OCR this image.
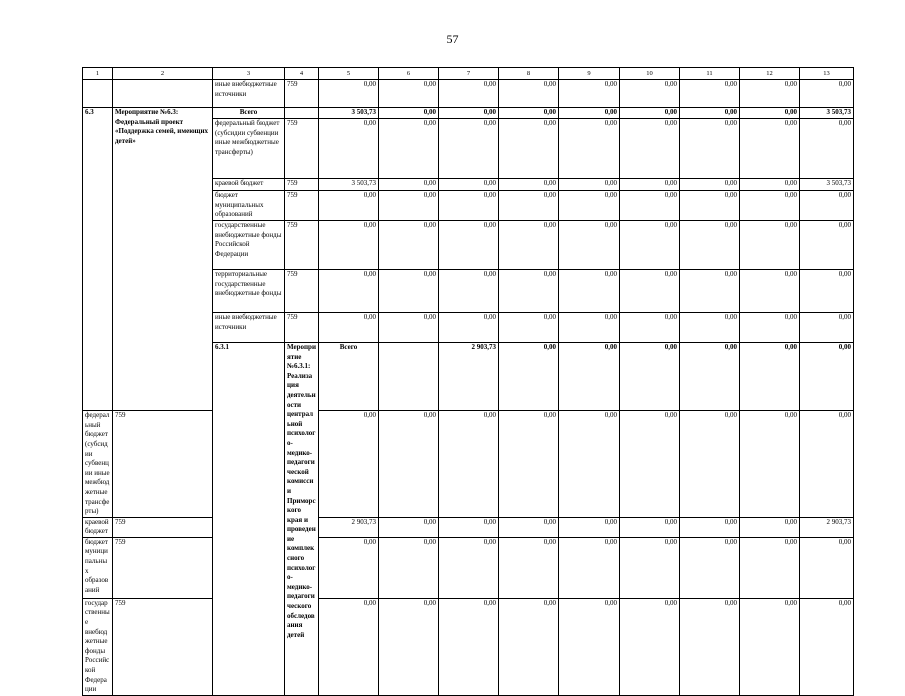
57
1	2	3	4	5	6	7	8	9	10	11	12	13	
		иные внебюджетные источники	759	0,00	0,00	0,00	0,00	0,00	0,00	0,00	0,00	0,00	
6.3	Мероприятие №6.3: Федеральный проект «Поддержка семей, имеющих детей»	Всего		3 503,73	0,00	0,00	0,00	0,00	0,00	0,00	0,00	3 503,73	
		федеральный бюджет (субсидии субвенции иные межбюджетные трансферты)	759	0,00	0,00	0,00	0,00	0,00	0,00	0,00	0,00	0,00	
		краевой бюджет	759	3 503,73	0,00	0,00	0,00	0,00	0,00	0,00	0,00	3 503,73	
		бюджет муниципальных образований	759	0,00	0,00	0,00	0,00	0,00	0,00	0,00	0,00	0,00	
		государственные внебюджетные фонды Российской Федерации	759	0,00	0,00	0,00	0,00	0,00	0,00	0,00	0,00	0,00	
		территориальные государственные внебюджетные фонды	759	0,00	0,00	0,00	0,00	0,00	0,00	0,00	0,00	0,00	
		иные внебюджетные источники	759	0,00	0,00	0,00	0,00	0,00	0,00	0,00	0,00	0,00	
		6.3.1	Мероприятие №6.3.1: Реализация деятельности центральной психолого-медико-педагогической комиссии Приморского края и проведение комплексного психолого-медико-педагогического обследования детей	Всего		2 903,73	0,00	0,00	0,00	0,00	0,00	0,00		
федеральный бюджет (субсидии субвенции иные межбюджетные трансферты)	759			0,00	0,00	0,00	0,00	0,00	0,00	0,00	0,00	0,00	
краевой бюджет	759			2 903,73	0,00	0,00	0,00	0,00	0,00	0,00	0,00	2 903,73	
бюджет муниципальных образований	759			0,00	0,00	0,00	0,00	0,00	0,00	0,00	0,00	0,00	
государственные внебюджетные фонды Российской Федерации	759			0,00	0,00	0,00	0,00	0,00	0,00	0,00	0,00	0,00	
